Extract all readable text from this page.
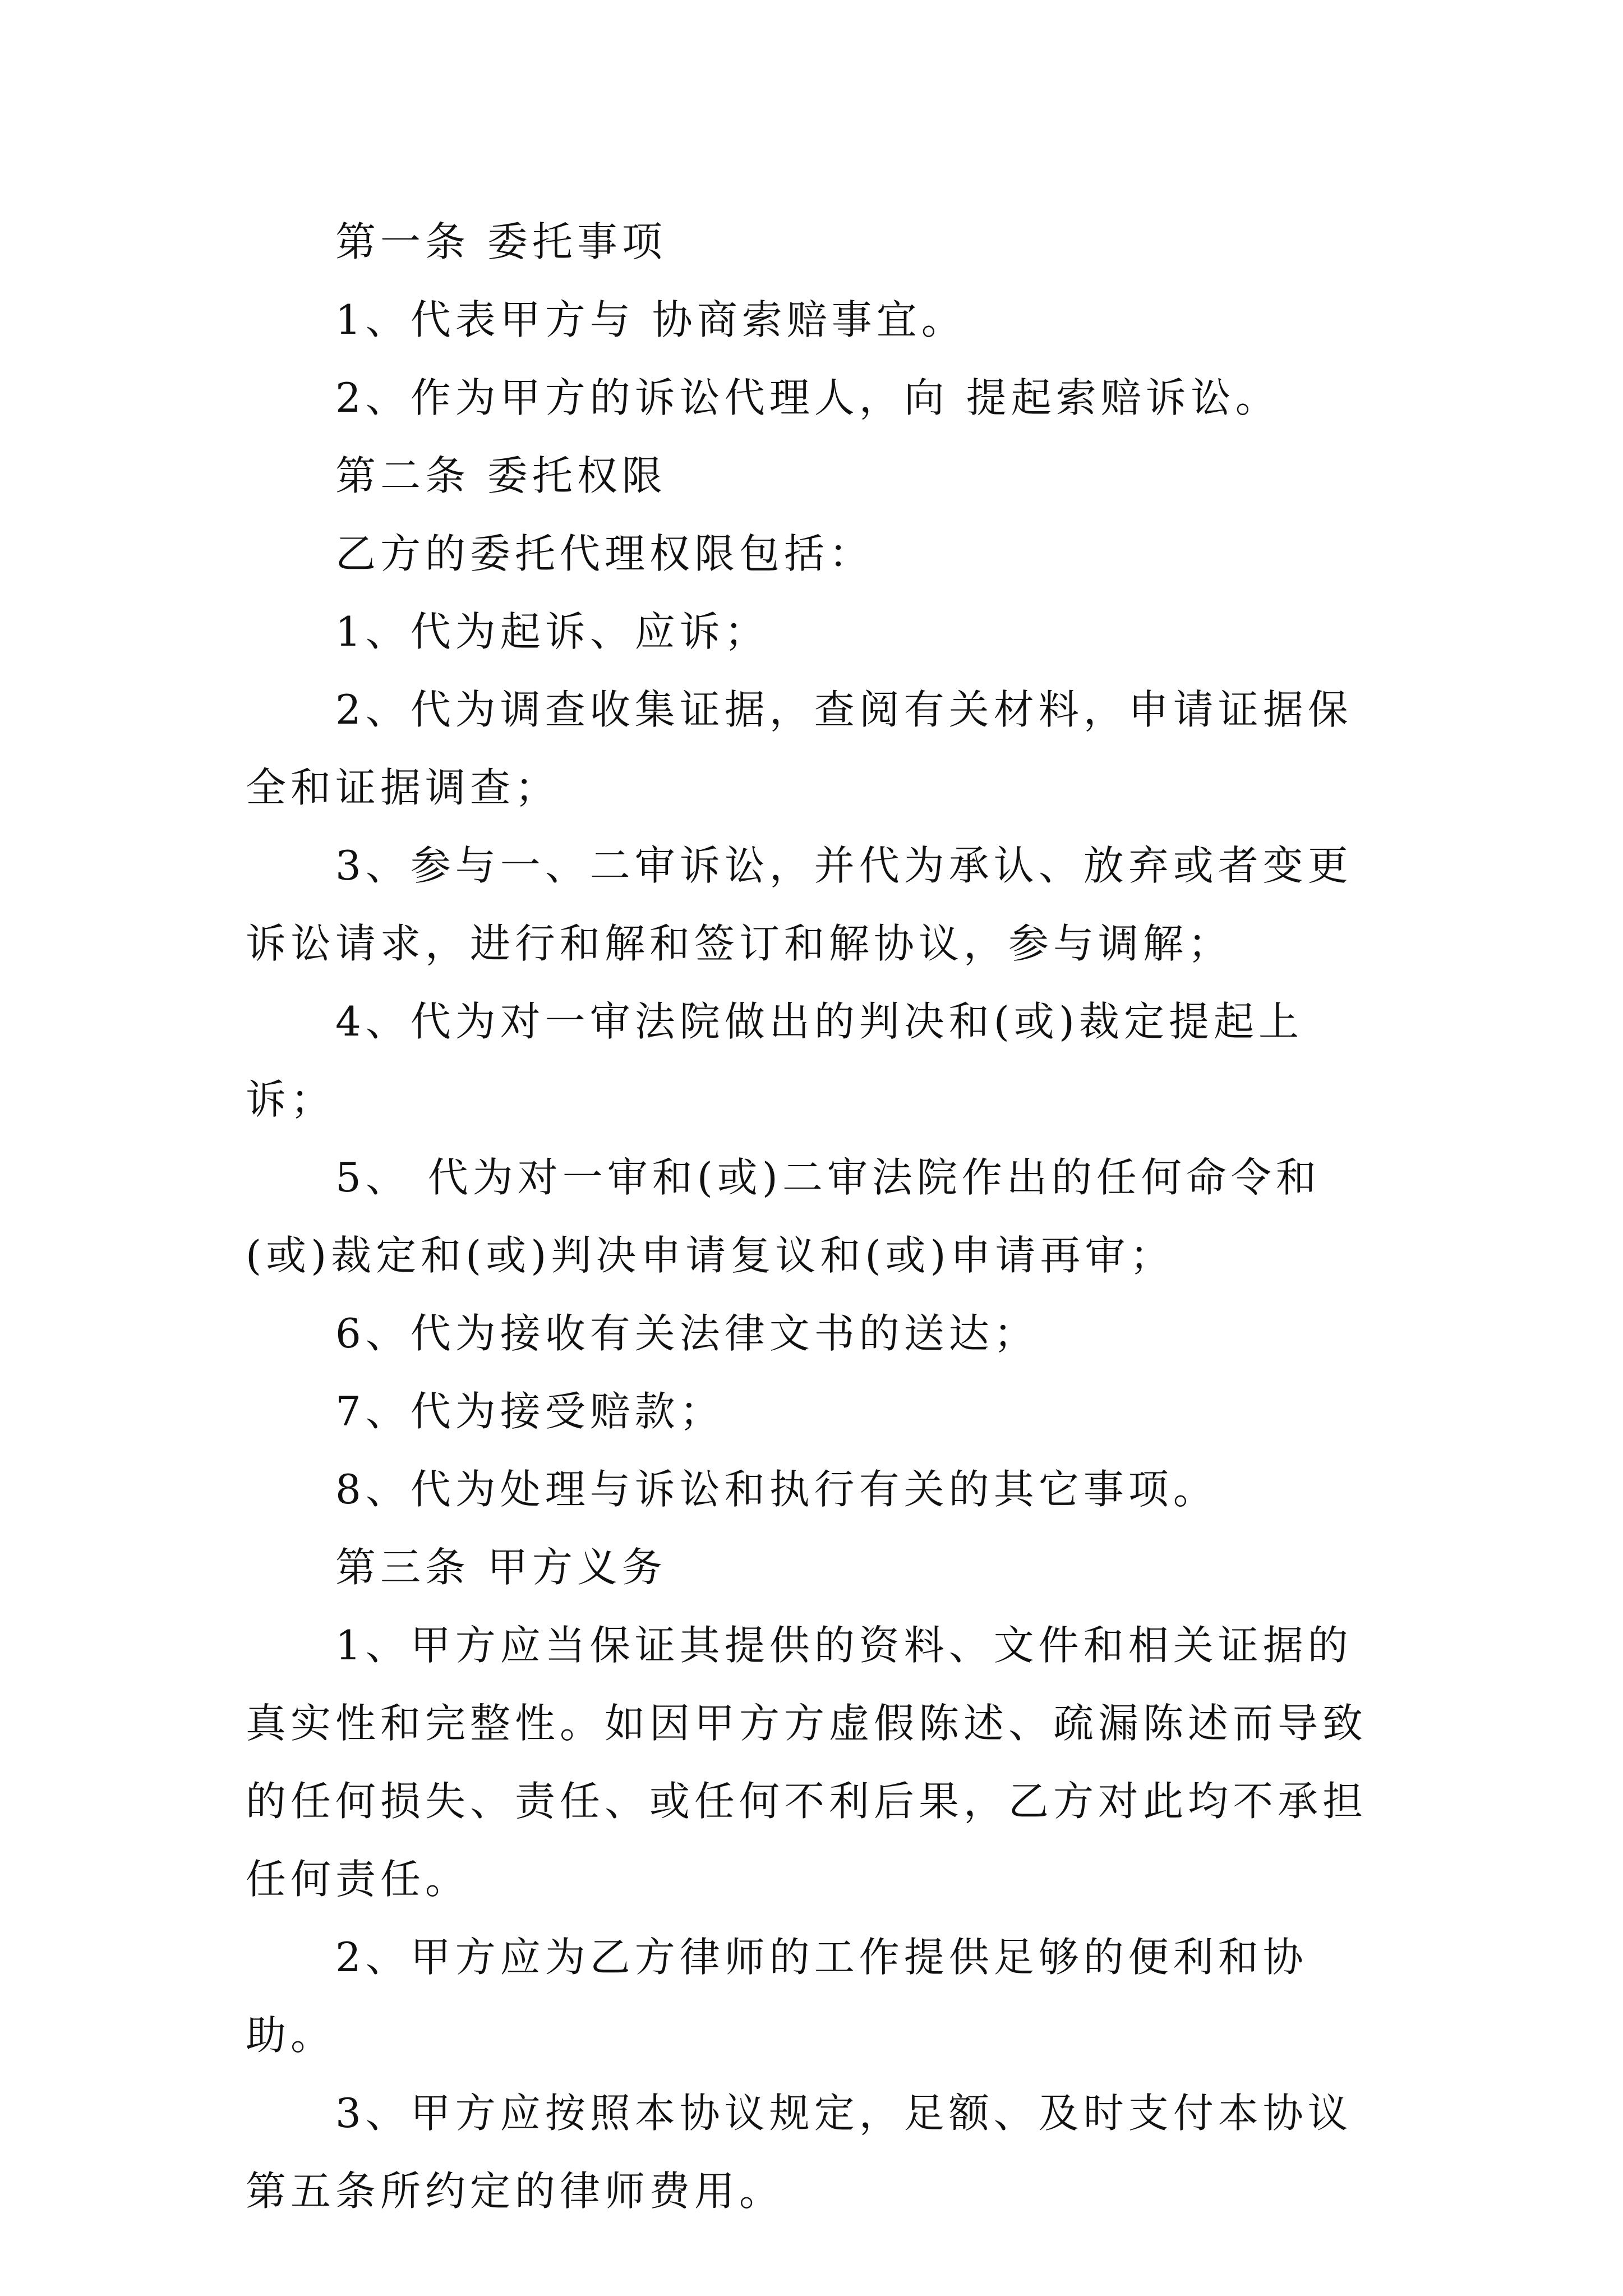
第一条 委托事项

1、代表甲方与 协商索赔事宜。

2、作为甲方的诉讼代理人，向 提起索赔诉讼。

第二条 委托权限

乙方的委托代理权限包括：

1、代为起诉、应诉；

2、代为调查收集证据，查阅有关材料，申请证据保全和证据调查；

3、参与一、二审诉讼，并代为承认、放弃或者变更诉讼请求，进行和解和签订和解协议，参与调解；

4、代为对一审法院做出的判决和(或)裁定提起上诉；

5、 代为对一审和(或)二审法院作出的任何命令和(或)裁定和(或)判决申请复议和(或)申请再审；

6、代为接收有关法律文书的送达；

7、代为接受赔款；

8、代为处理与诉讼和执行有关的其它事项。

第三条 甲方义务

1、甲方应当保证其提供的资料、文件和相关证据的真实性和完整性。如因甲方方虚假陈述、疏漏陈述而导致的任何损失、责任、或任何不利后果，乙方对此均不承担任何责任。

2、甲方应为乙方律师的工作提供足够的便利和协助。

3、甲方应按照本协议规定，足额、及时支付本协议第五条所约定的律师费用。
